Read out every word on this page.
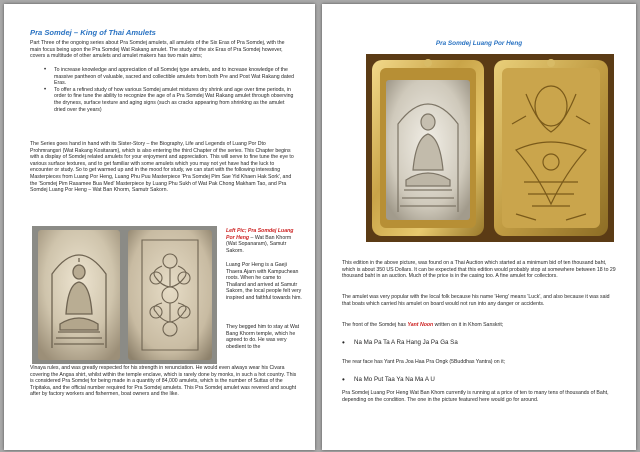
Pra Somdej – King of Thai Amulets

Part Three of the ongoing series about Pra Somdej amulets, all amulets of the Six Eras of Pra Somdej, with the main focus being upon the Pra Somdej Wat Rakang amulet. The study of the six Eras of Pra Somdej however, covers a multitude of other amulets and amulet makers has two main aims;

• To increase knowledge and appreciation of all Somdej type amulets, and to increase knowledge of the massive pantheon of valuable, sacred and collectible amulets from both Pre and Post Wat Rakang dated Eras.
• To offer a refined study of how various Somdej amulet mixtures dry shrink and age over time periods, in order to fine tune the ability to recognize the age of a Pra Somdej Wat Rakang amulet through observing the dryness, surface texture and aging signs (such as cracks appearing from shrinking as the amulet dried over the years)

The Series goes hand in hand with its Sister-Story – the Biography, Life and Legends of Luang Por Dto Prohmrangsri (Wat Rakang Kositaram), which is also entering the third Chapter of the series. This Chapter begins with a display of Somdej related amulets for your enjoyment and appreciation. This will serve to fine tune the eye to various surface textures, and to get familiar with some amulets which you may not yet have had the luck to encounter or study. So to get warmed up and in the mood for study, we can start with the following interesting Masterpieces from Luang Por Heng, Luang Phu Puu Masterpiece 'Pra Somdej Pim Sae Yid Khaen Hak Sork', and the 'Somdej Pim Rasamee Bua Med' Masterpiece by Luang Phu Sukh of Wat Pak Chong Makham Tao, and Pra Somdej Luang Por Heng – Wat Ban Khorm, Samutr Sakorn.

Left Pic; Pra Somdej Luang Por Heng – Wat Ban Khorm (Wat Sopanaram), Samutr Sakorn.

Luang Por Heng is a Gaeji Thaera Ajarn with Kampuchean roots. When he came to Thailand and arrived at Samutr Sakorn, the local people felt very inspired and faithful towards him.

They begged him to stay at Wat Bang Khorm temple, which he agreed to do. He was very obedient to the

Vinaya rules, and was greatly respected for his strength in renunciation. He would even always wear his Civara covering the Angsa shirt, whilst within the temple enclave, which is rarely done by monks, in such a hot country. This is considered Pra Somdej for being made in a quantity of 84,000 amulets, which is the number of Suttas of the Tripitaka, and the official number required for Pra Somdej amulets. This Pra Somdej amulet was revered and sought after by factory workers and fishermen, boat owners and the like.

Pra Somdej Luang Por Heng

This edition in the above picture, was found on a Thai Auction which started at a minimum bid of ten thousand baht, which is about 350 US Dollars. It can be expected that this edition would probably stop at somewhere between 18 to 29 thousand baht in an auction. Much of the price is in the casing too. A fine amulet for collectors.

The amulet was very popular with the local folk because his name 'Heng' means 'Luck', and also because it was said that boats which carried his amulet on board would not run into any danger or accidents.

The front of the Somdej has Yant Noon written on it in Khom Sanskrit;

• Na Ma Pa Ta A Ra Hang Ja Pa Ga Sa

The rear face has Yant Pra Joa Haa Pra Ongk (5Buddhas Yantra) on it;

• Na Mo Put Taa Ya Na Ma A U

Pra Somdej Luang Por Heng Wat Ban Khom currently is running at a price of ten to many tens of thousands of Baht, depending on the condition. The one in the picture featured here would go for around.
